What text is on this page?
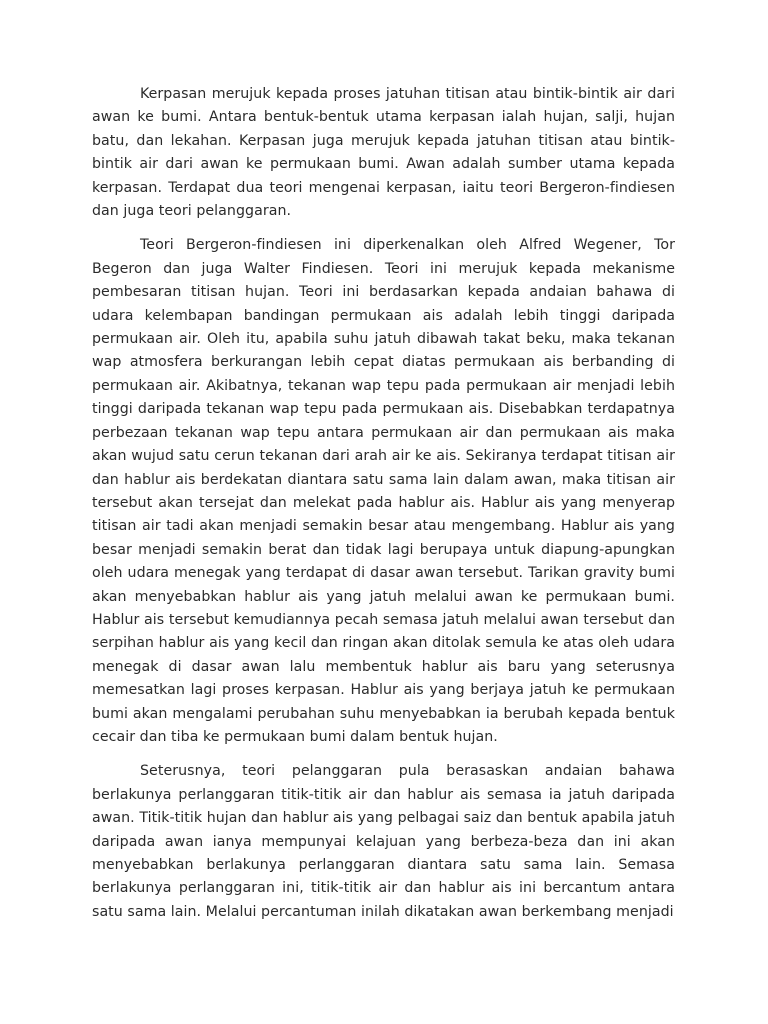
Kerpasan merujuk kepada proses jatuhan titisan atau bintik-bintik air dari awan ke bumi. Antara bentuk-bentuk utama kerpasan ialah hujan, salji, hujan batu, dan lekahan. Kerpasan juga merujuk kepada jatuhan titisan atau bintik-bintik air dari awan ke permukaan bumi. Awan adalah sumber utama kepada kerpasan. Terdapat dua teori mengenai kerpasan, iaitu teori Bergeron-findiesen dan juga teori pelanggaran.

Teori Bergeron-findiesen ini diperkenalkan oleh Alfred Wegener, Tor Begeron dan juga Walter Findiesen. Teori ini merujuk kepada mekanisme pembesaran titisan hujan. Teori ini berdasarkan kepada andaian bahawa di udara kelembapan bandingan permukaan ais adalah lebih tinggi daripada permukaan air. Oleh itu, apabila suhu jatuh dibawah takat beku, maka tekanan wap atmosfera berkurangan lebih cepat diatas permukaan ais berbanding di permukaan air. Akibatnya, tekanan wap tepu pada permukaan air menjadi lebih tinggi daripada tekanan wap tepu pada permukaan ais. Disebabkan terdapatnya perbezaan tekanan wap tepu antara permukaan air dan permukaan ais maka akan wujud satu cerun tekanan dari arah air ke ais. Sekiranya terdapat titisan air dan hablur ais berdekatan diantara satu sama lain dalam awan, maka titisan air tersebut akan tersejat dan melekat pada hablur ais. Hablur ais yang menyerap titisan air tadi akan menjadi semakin besar atau mengembang. Hablur ais yang besar menjadi semakin berat dan tidak lagi berupaya untuk diapung-apungkan oleh udara menegak yang terdapat di dasar awan tersebut. Tarikan gravity bumi akan menyebabkan hablur ais yang jatuh melalui awan ke permukaan bumi. Hablur ais tersebut kemudiannya pecah semasa jatuh melalui awan tersebut dan serpihan hablur ais yang kecil dan ringan akan ditolak semula ke atas oleh udara menegak di dasar awan lalu membentuk hablur ais baru yang seterusnya memesatkan lagi proses kerpasan. Hablur ais yang berjaya jatuh ke permukaan bumi akan mengalami perubahan suhu menyebabkan ia berubah kepada bentuk cecair dan tiba ke permukaan bumi dalam bentuk hujan.

Seterusnya, teori pelanggaran pula berasaskan andaian bahawa berlakunya perlanggaran titik-titik air dan hablur ais semasa ia jatuh daripada awan. Titik-titik hujan dan hablur ais yang pelbagai saiz dan bentuk apabila jatuh daripada awan ianya mempunyai kelajuan yang berbeza-beza dan ini akan menyebabkan berlakunya perlanggaran diantara satu sama lain. Semasa berlakunya perlanggaran ini, titik-titik air dan hablur ais ini bercantum antara satu sama lain. Melalui percantuman inilah dikatakan awan berkembang menjadi
